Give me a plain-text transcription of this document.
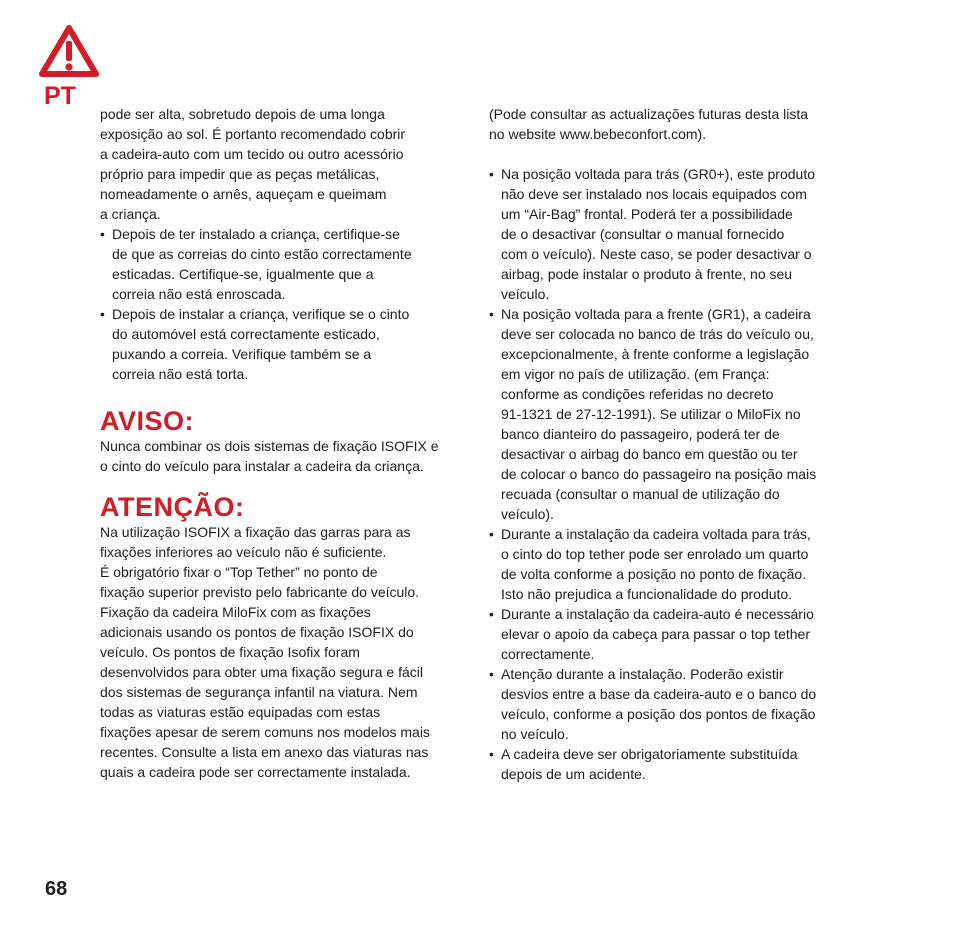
PT

pode ser alta, sobretudo depois de uma longa

exposição ao sol. É portanto recomendado cobrir

a cadeira-auto com um tecido ou outro acessório

próprio para impedir que as peças metálicas,

nomeadamente o arnês, aqueçam e queimam

a criança.

• Depois de ter instalado a criança, certifique-se

de que as correias do cinto estão correctamente

esticadas. Certifique-se, igualmente que a

correia não está enroscada.

• Depois de instalar a criança, verifique se o cinto

do automóvel está correctamente esticado,

puxando a correia. Verifique também se a

correia não está torta.

AVISO:

Nunca combinar os dois sistemas de fixação ISOFIX e

o cinto do veículo para instalar a cadeira da criança.

ATENÇÃO:

Na utilização ISOFIX a fixação das garras para as

fixações inferiores ao veículo não é suficiente.

É obrigatório fixar o “Top Tether” no ponto de

fixação superior previsto pelo fabricante do veículo.

Fixação da cadeira MiloFix com as fixações

adicionais usando os pontos de fixação ISOFIX do

veículo. Os pontos de fixação Isofix foram

desenvolvidos para obter uma fixação segura e fácil

dos sistemas de segurança infantil na viatura. Nem

todas as viaturas estão equipadas com estas

fixações apesar de serem comuns nos modelos mais

recentes. Consulte a lista em anexo das viaturas nas

quais a cadeira pode ser correctamente instalada.

(Pode consultar as actualizações futuras desta lista

no website www.bebeconfort.com).

• Na posição voltada para trás (GR0+), este produto

não deve ser instalado nos locais equipados com

um “Air-Bag” frontal. Poderá ter a possibilidade

de o desactivar (consultar o manual fornecido

com o veículo). Neste caso, se poder desactivar o

airbag, pode instalar o produto à frente, no seu

veículo.

• Na posição voltada para a frente (GR1), a cadeira

deve ser colocada no banco de trás do veículo ou,

excepcionalmente, à frente conforme a legislação

em vigor no país de utilização. (em França:

conforme as condições referidas no decreto

91-1321 de 27-12-1991). Se utilizar o MiloFix no

banco dianteiro do passageiro, poderá ter de

desactivar o airbag do banco em questão ou ter

de colocar o banco do passageiro na posição mais

recuada (consultar o manual de utilização do

veículo).

• Durante a instalação da cadeira voltada para trás,

o cinto do top tether pode ser enrolado um quarto

de volta conforme a posição no ponto de fixação.

Isto não prejudica a funcionalidade do produto.

• Durante a instalação da cadeira-auto é necessário

elevar o apoio da cabeça para passar o top tether

correctamente.

• Atenção durante a instalação. Poderão existir

desvios entre a base da cadeira-auto e o banco do

veículo, conforme a posição dos pontos de fixação

no veículo.

• A cadeira deve ser obrigatoriamente substituída

depois de um acidente.

68
